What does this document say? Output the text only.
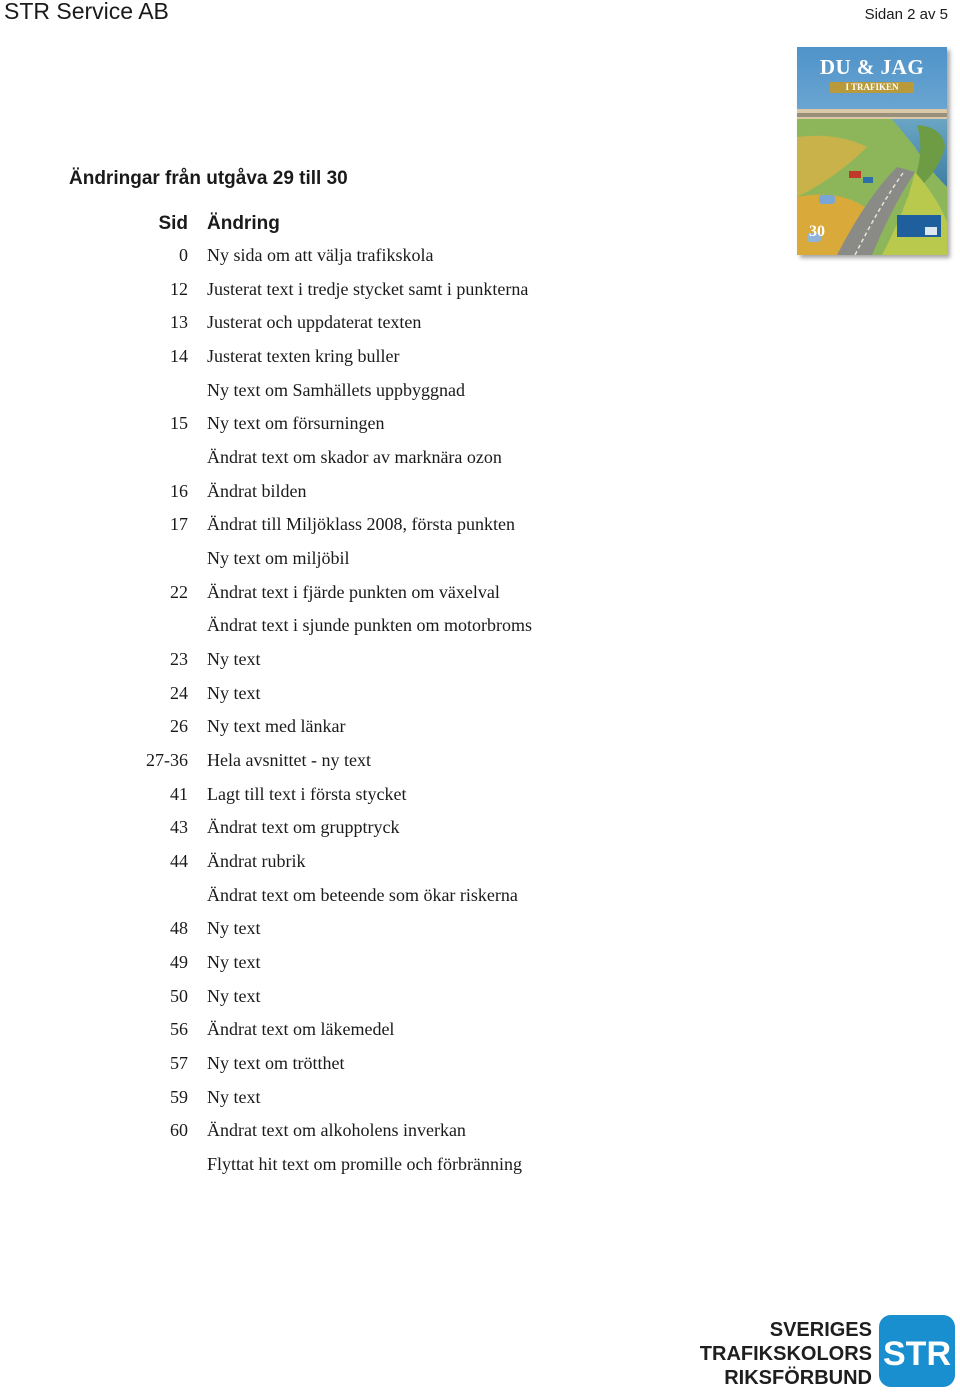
STR Service AB	Sidan 2 av 5
DU & JAG
I TRAFIKEN
30
Ändringar från utgåva 29 till 30
Sid Ändring
0 Ny sida om att välja trafikskola
12 Justerat text i tredje stycket samt i punkterna
13 Justerat och uppdaterat texten
14 Justerat texten kring buller
Ny text om Samhällets uppbyggnad
15 Ny text om försurningen
Ändrat text om skador av marknära ozon
16 Ändrat bilden
17 Ändrat till Miljöklass 2008, första punkten
Ny text om miljöbil
22 Ändrat text i fjärde punkten om växelval
Ändrat text i sjunde punkten om motorbroms
23 Ny text
24 Ny text
26 Ny text med länkar
27-36 Hela avsnittet - ny text
41 Lagt till text i första stycket
43 Ändrat text om grupptryck
44 Ändrat rubrik
Ändrat text om beteende som ökar riskerna
48 Ny text
49 Ny text
50 Ny text
56 Ändrat text om läkemedel
57 Ny text om trötthet
59 Ny text
60 Ändrat text om alkoholens inverkan
Flyttat hit text om promille och förbränning
SVERIGES
TRAFIKSKOLORS
RIKSFÖRBUND
STR
